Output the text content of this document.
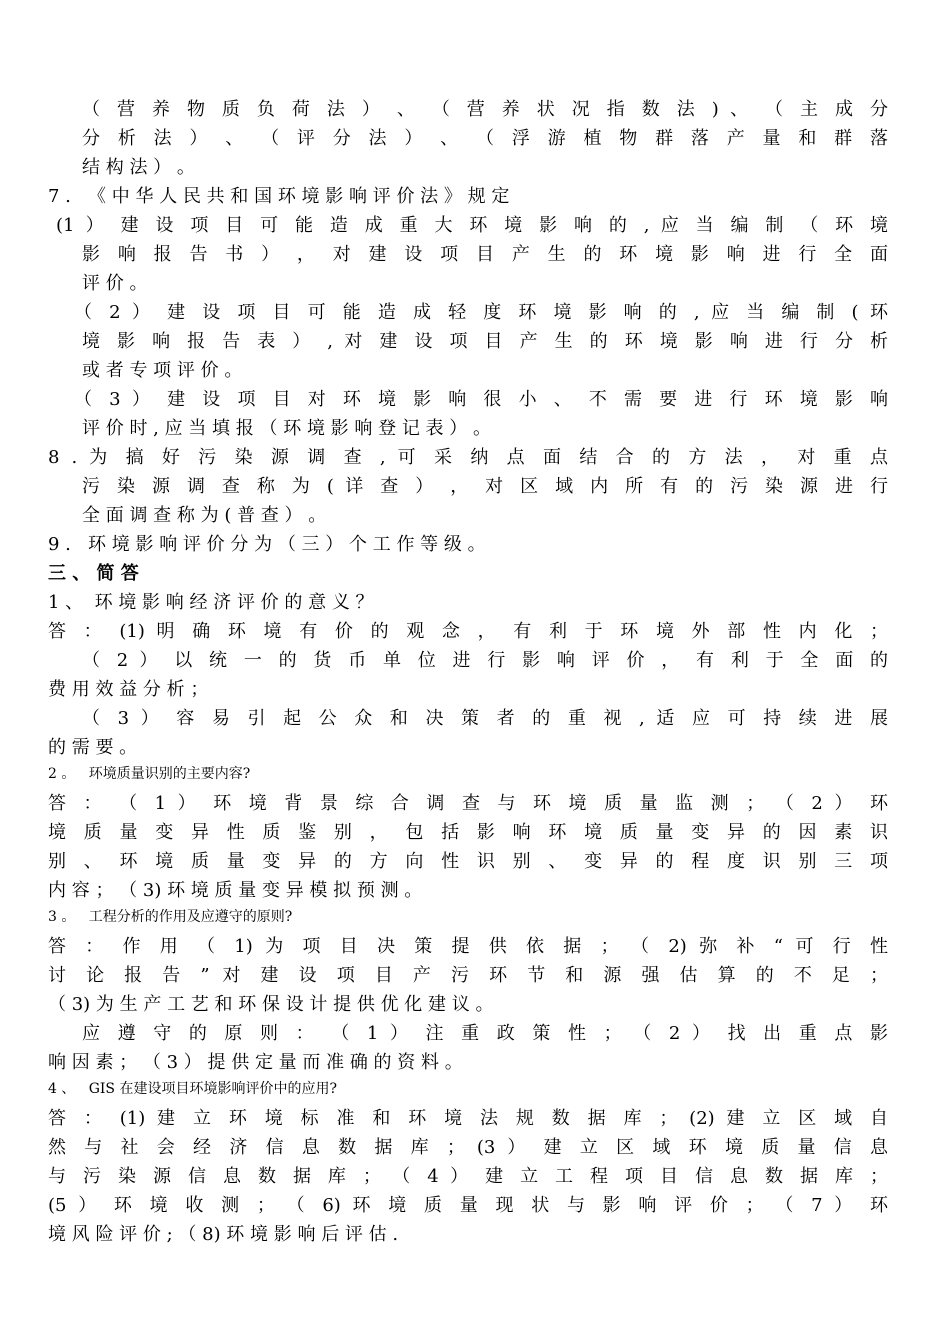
（ 营 养 物 质 负 荷 法 ） 、 （ 营 养 状 况 指 数 法 ) 、 （ 主 成 分
分 析 法 ） 、 （ 评 分 法 ） 、 （ 浮 游 植 物 群 落 产 量 和 群 落
结 构 法 ） 。
7 .   《 中 华 人 民 共 和 国 环 境 影 响 评 价 法 》 规 定
(1 ） 建 设 项 目 可 能 造 成 重 大 环 境 影 响 的 , 应 当 编 制 （ 环 境
影 响 报 告 书 ） ， 对 建 设 项 目 产 生 的 环 境 影 响 进 行 全 面
评 价 。
（ 2 ） 建 设 项 目 可 能 造 成 轻 度 环 境 影 响 的 , 应 当 编 制 ( 环
境 影 响 报 告 表 ） , 对 建 设 项 目 产 生 的 环 境 影 响 进 行 分 析
或 者 专 项 评 价 。
（ 3 ） 建 设 项 目 对 环 境 影 响 很 小 、 不 需 要 进 行 环 境 影 响
评 价 时 , 应 当 填 报 （ 环 境 影 响 登 记 表 ） 。
8 . 为 搞 好 污 染 源 调 查 , 可 采 纳 点 面 结 合 的 方 法 ， 对 重 点
污 染 源 调 查 称 为 ( 详 查 ） ， 对 区 域 内 所 有 的 污 染 源 进 行
全 面 调 查 称 为 ( 普 查 ） 。
9 .   环 境 影 响 评 价 分 为 （ 三 ） 个 工 作 等 级 。
三 、 简 答
1 、  环 境 影 响 经 济 评 价 的 意 义 ？
答 ： (1) 明 确 环 境 有 价 的 观 念 ， 有 利 于 环 境 外 部 性 内 化 ；
（ 2 ） 以 统 一 的 货 币 单 位 进 行 影 响 评 价 ， 有 利 于 全 面 的
费 用 效 益 分 析 ；
（ 3 ） 容 易 引 起 公 众 和 决 策 者 的 重 视 , 适 应 可 持 续 进 展
的 需 要 。
2 。   环境质量识别的主要内容?
答 ： （ 1 ） 环 境 背 景 综 合 调 查 与 环 境 质 量 监 测 ； （ 2 ） 环
境 质 量 变 异 性 质 鉴 别 ， 包 括 影 响 环 境 质 量 变 异 的 因 素 识
别 、 环 境 质 量 变 异 的 方 向 性 识 别 、 变 异 的 程 度 识 别 三 项
内 容 ； （ 3) 环 境 质 量 变 异 模 拟 预 测 。
3 。   工程分析的作用及应遵守的原则?
答 ： 作 用 （ 1) 为 项 目 决 策 提 供 依 据 ； （ 2) 弥 补 “ 可 行 性
讨 论 报 告 ” 对 建 设 项 目 产 污 环 节 和 源 强 估 算 的 不 足 ；
（ 3) 为 生 产 工 艺 和 环 保 设 计 提 供 优 化 建 议 。
应 遵 守 的 原 则 ： （ 1 ） 注 重 政 策 性 ； （ 2 ） 找 出 重 点 影
响 因 素 ； （ 3 ） 提 供 定 量 而 准 确 的 资 料 。
4 、   GIS 在建设项目环境影响评价中的应用?
答 ： (1) 建 立 环 境 标 准 和 环 境 法 规 数 据 库 ； (2) 建 立 区 域 自
然 与 社 会 经 济 信 息 数 据 库 ； (3 ） 建 立 区 域 环 境 质 量 信 息
与 污 染 源 信 息 数 据 库 ； （ 4 ） 建 立 工 程 项 目 信 息 数 据 库 ；
(5 ） 环 境 收 测 ； （ 6) 环 境 质 量 现 状 与 影 响 评 价 ； （ 7 ） 环
境 风 险 评 价 ; （ 8) 环 境 影 响 后 评 估 .
